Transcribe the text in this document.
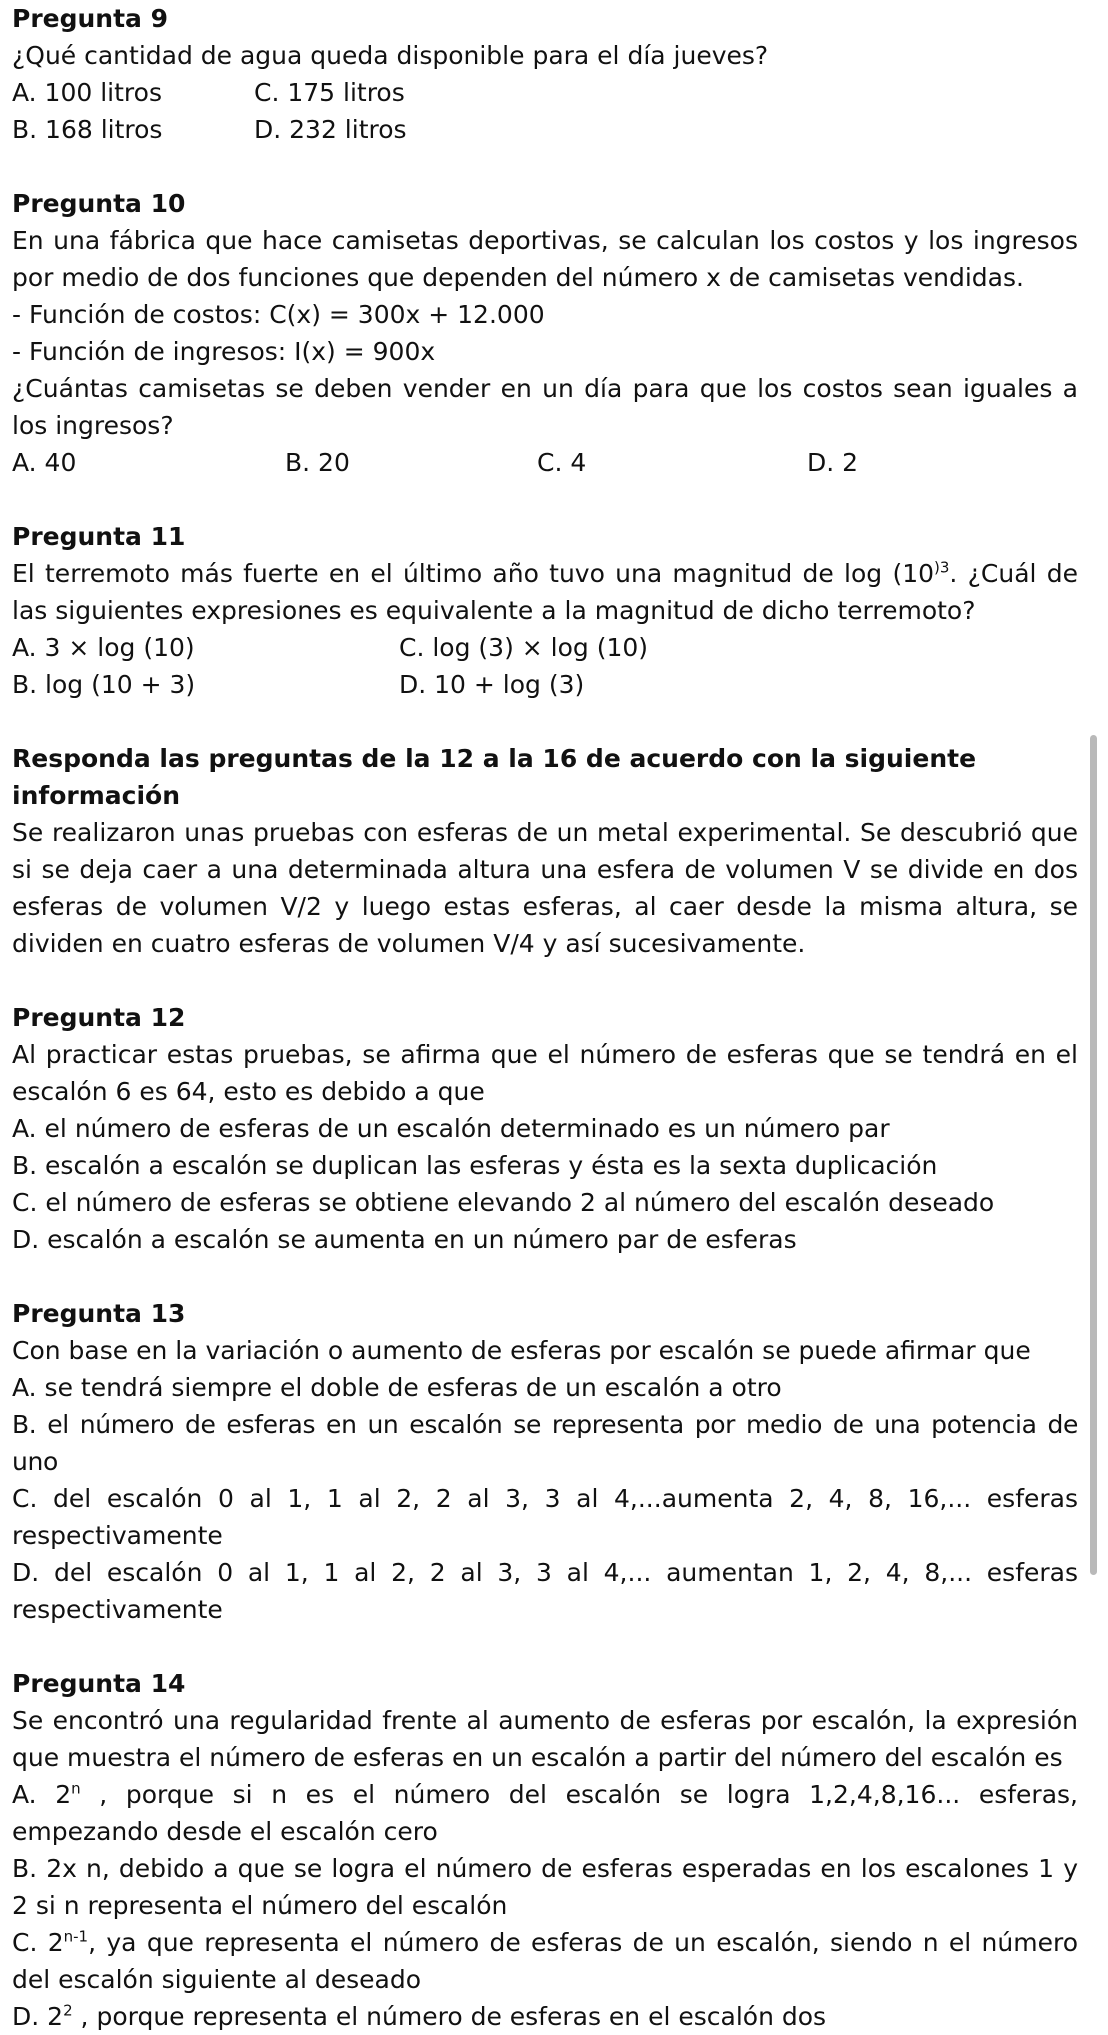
Pregunta 9

¿Qué cantidad de agua queda disponible para el día jueves?

A. 100 litros	C. 175 litros
B. 168 litros	D. 232 litros

Pregunta 10

En una fábrica que hace camisetas deportivas, se calculan los costos y los ingresos por medio de dos funciones que dependen del número x de camisetas vendidas.

- Función de costos: C(x) = 300x + 12.000

- Función de ingresos: I(x) = 900x

¿Cuántas camisetas se deben vender en un día para que los costos sean iguales a los ingresos?

A. 40	B. 20	C. 4	D. 2

Pregunta 11

El terremoto más fuerte en el último año tuvo una magnitud de $\log (10^{)3}$. ¿Cuál de las siguientes expresiones es equivalente a la magnitud de dicho terremoto?

A. 3 × log (10)	C. log (3) × log (10)
B. log (10 + 3)	D. 10 + log (3)

Responda las preguntas de la 12 a la 16 de acuerdo con la siguiente información

Se realizaron unas pruebas con esferas de un metal experimental. Se descubrió que si se deja caer a una determinada altura una esfera de volumen V se divide en dos esferas de volumen V/2 y luego estas esferas, al caer desde la misma altura, se dividen en cuatro esferas de volumen V/4 y así sucesivamente.

Pregunta 12

Al practicar estas pruebas, se afirma que el número de esferas que se tendrá en el escalón 6 es 64, esto es debido a que

A. el número de esferas de un escalón determinado es un número par

B. escalón a escalón se duplican las esferas y ésta es la sexta duplicación

C. el número de esferas se obtiene elevando 2 al número del escalón deseado

D. escalón a escalón se aumenta en un número par de esferas

Pregunta 13

Con base en la variación o aumento de esferas por escalón se puede afirmar que

A. se tendrá siempre el doble de esferas de un escalón a otro

B. el número de esferas en un escalón se representa por medio de una potencia de uno

C. del escalón 0 al 1, 1 al 2, 2 al 3, 3 al 4,...aumenta 2, 4, 8, 16,... esferas respectivamente

D. del escalón 0 al 1, 1 al 2, 2 al 3, 3 al 4,... aumentan 1, 2, 4, 8,... esferas respectivamente

Pregunta 14

Se encontró una regularidad frente al aumento de esferas por escalón, la expresión que muestra el número de esferas en un escalón a partir del número del escalón es

A. 2$^n$ , porque si n es el número del escalón se logra 1,2,4,8,16... esferas, empezando desde el escalón cero

B. 2x n, debido a que se logra el número de esferas esperadas en los escalones 1 y 2 si n representa el número del escalón

C. 2$^{n-1}$, ya que representa el número de esferas de un escalón, siendo n el número del escalón siguiente al deseado

D. $2^2$ , porque representa el número de esferas en el escalón dos
